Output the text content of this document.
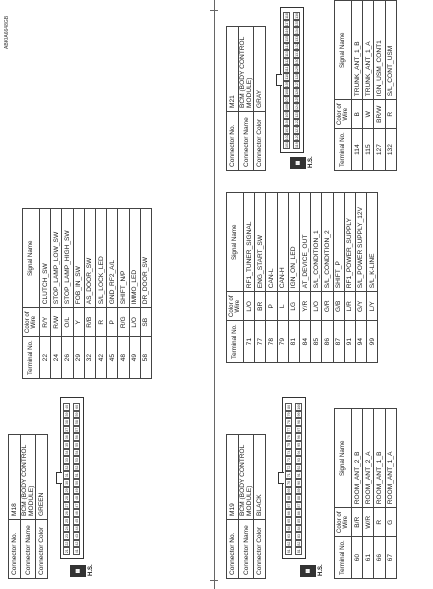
Connector No.	M18
Connector Name	BCM (BODY CONTROL MODULE)
Connector Color	GREEN
▦	H.S.
21
22
23
24
25
26
27
28
29
30
31
32
33
34
35
36
37
38
39
40
41
42
43
44
45
46
47
48
49
50
51
52
53
54
55
56
57
58
59
60
Terminal No.	Color of Wire	Signal Name
22	R/Y	CLUTCH_SW
24	R/W	STOP_LAMP_LOW_SW
26	O/L	STOP_LAMP_HIGH_SW
29	Y	FOB_IN_SW
32	R/B	AS_DOOR_SW
42	R	S/L_LOCK_LED
45	P	GND_RF2_A/L
48	R/G	SHIFT_N/P
49	L/O	IMMO_LED
58	SB	DR_DOOR_SW
Connector No.	M19
Connector Name	BCM (BODY CONTROL MODULE)
Connector Color	BLACK
▦	H.S.
61
62
63
64
65
66
67
68
69
70
71
72
73
74
75
76
77
78
79
80
81
82
83
84
85
86
87
88
89
90
91
92
93
94
95
96
97
98
99
100
Terminal No.	Color of Wire	Signal Name
60	B/R	ROOM_ANT_2_B
61	W/R	ROOM_ANT_2_A
66	R	ROOM_ANT_1_B
67	G	ROOM_ANT_1_A
Terminal No.	Color of Wire	Signal Name
71	L/O	RF1_TUNER_SIGNAL
77	BR	ENG_START_SW
78	P	CAN-L
79	L	CAN-H
81	LG	IGN_ON_LED
84	Y/R	AT_DEVICE_OUT
85	L/O	S/L_CONDITION_1
86	G/R	S/L_CONDITION_2
87	G/B	SHIFT_P
91	L/R	RF1_POWER_SUPPLY
94	G/Y	S/L_POWER SUPPLY_12V
99	L/Y	S/L_K-LINE
Connector No.	M21
Connector Name	BCM (BODY CONTROL MODULE)
Connector Color	GRAY
▦	H.S.
101
102
103
104
105
106
107
108
109
110
111
112
113
114
115
116
117
118
119
120
121
122
123
124
125
126
127
128
129
130
131
132
133
134
135
136
Terminal No.	Color of Wire	Signal Name
114	B	TRUNK_ANT_1_B
115	W	TRUNK_ANT_1_A
127	BR/W	IGN_USM_CONT1
132	R	S/L_CONT_USM
ABKIA6648GB
